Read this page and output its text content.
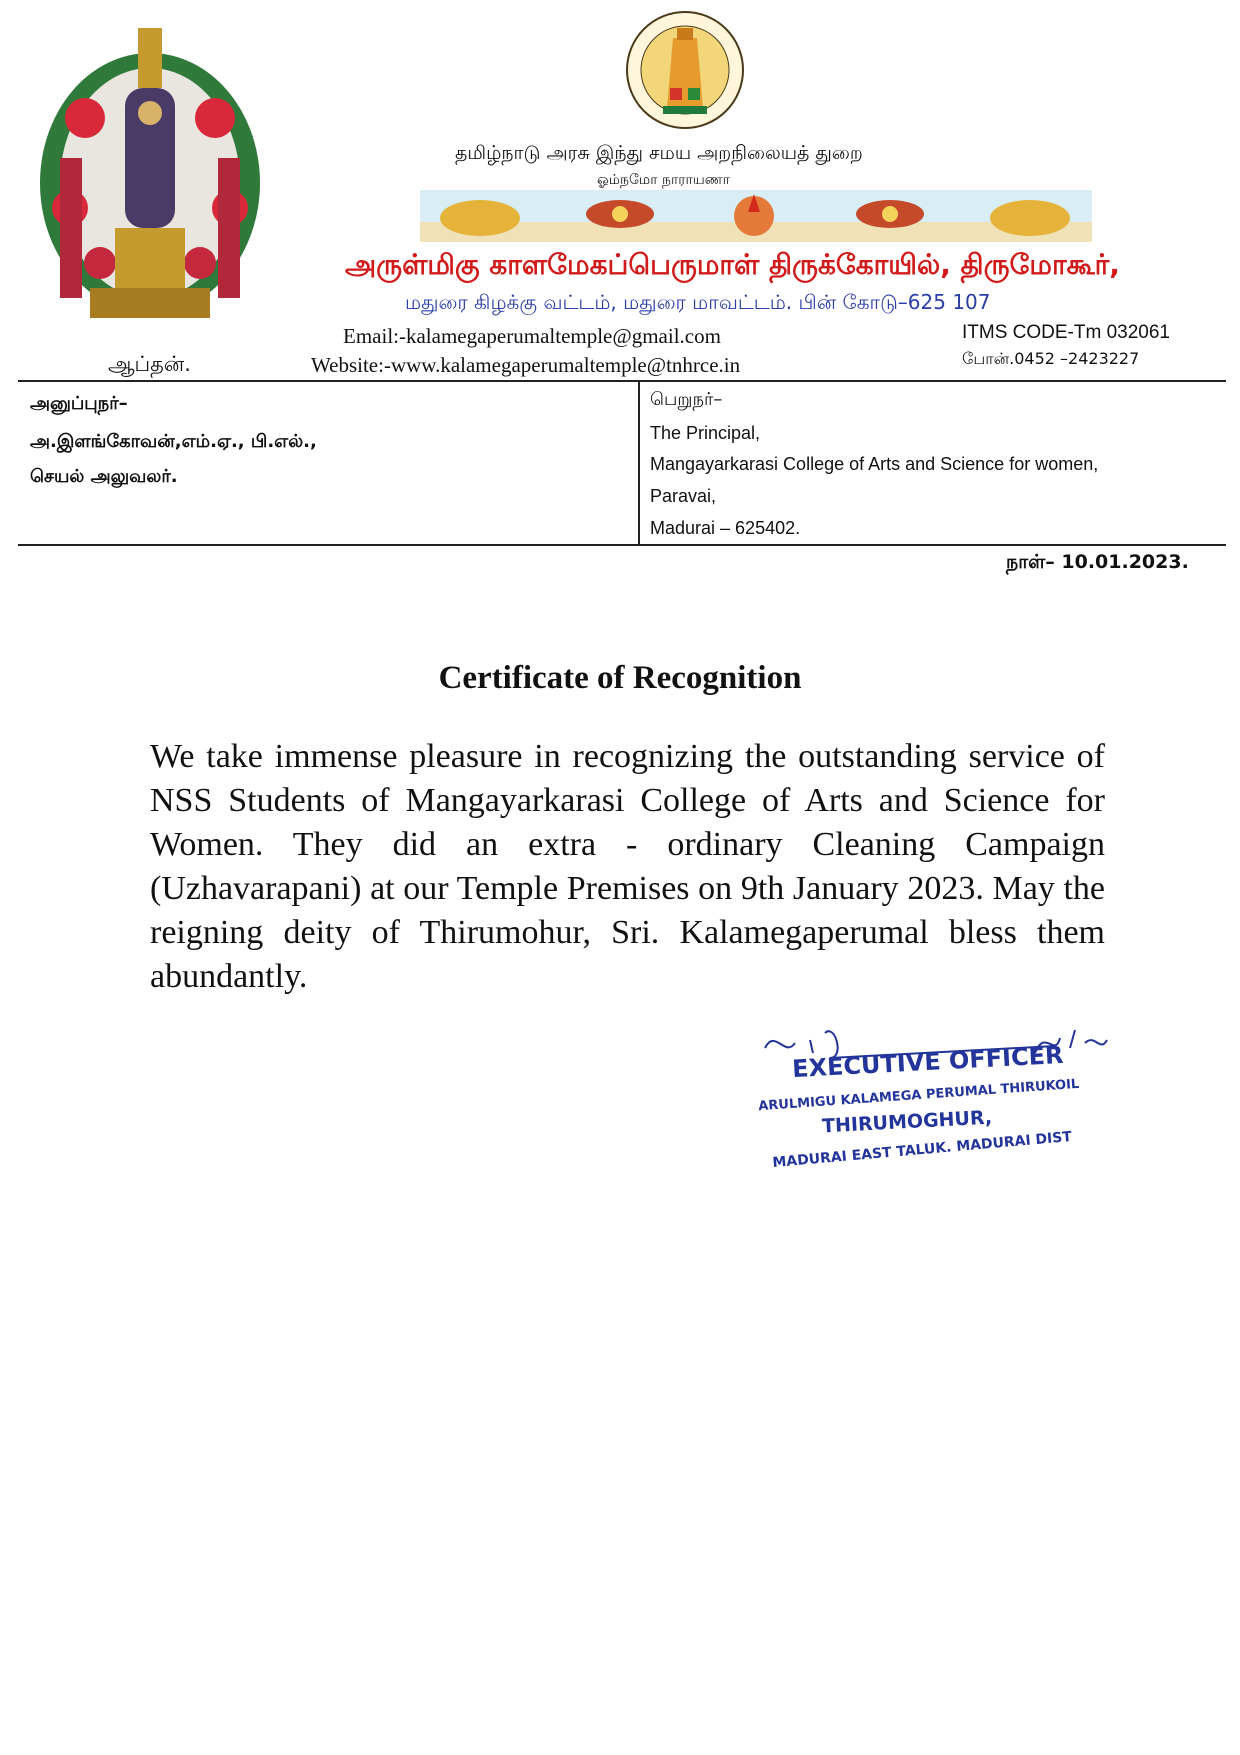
ஆப்தன்.
தமிழ்நாடு அரசு இந்து சமய அறநிலையத் துறை
ஓம்நமோ நாராயணா
அருள்மிகு காளமேகப்பெருமாள் திருக்கோயில், திருமோகூர்,
மதுரை கிழக்கு வட்டம், மதுரை மாவட்டம். பின் கோடு–625 107
Email:-kalamegaperumaltemple@gmail.com
Website:-www.kalamegaperumaltemple@tnhrce.in
ITMS CODE-Tm 032061
போன்.0452 –2423227
அனுப்புநர்–
அ.இளங்கோவன்,எம்.ஏ., பி.எல்.,
செயல் அலுவலர்.
பெறுநர்–
The Principal,
Mangayarkarasi College of Arts and Science for women,
Paravai,
Madurai – 625402.
நாள்– 10.01.2023.
Certificate of Recognition
We take immense pleasure in recognizing the outstanding service of NSS Students of Mangayarkarasi College of Arts and Science for Women. They did an extra - ordinary Cleaning Campaign (Uzhavarapani) at our Temple Premises on 9th January 2023. May the reigning deity of Thirumohur, Sri. Kalamegaperumal bless them abundantly.
EXECUTIVE OFFICER
ARULMIGU KALAMEGA PERUMAL THIRUKOIL
THIRUMOGHUR,
MADURAI EAST TALUK. MADURAI DIST
